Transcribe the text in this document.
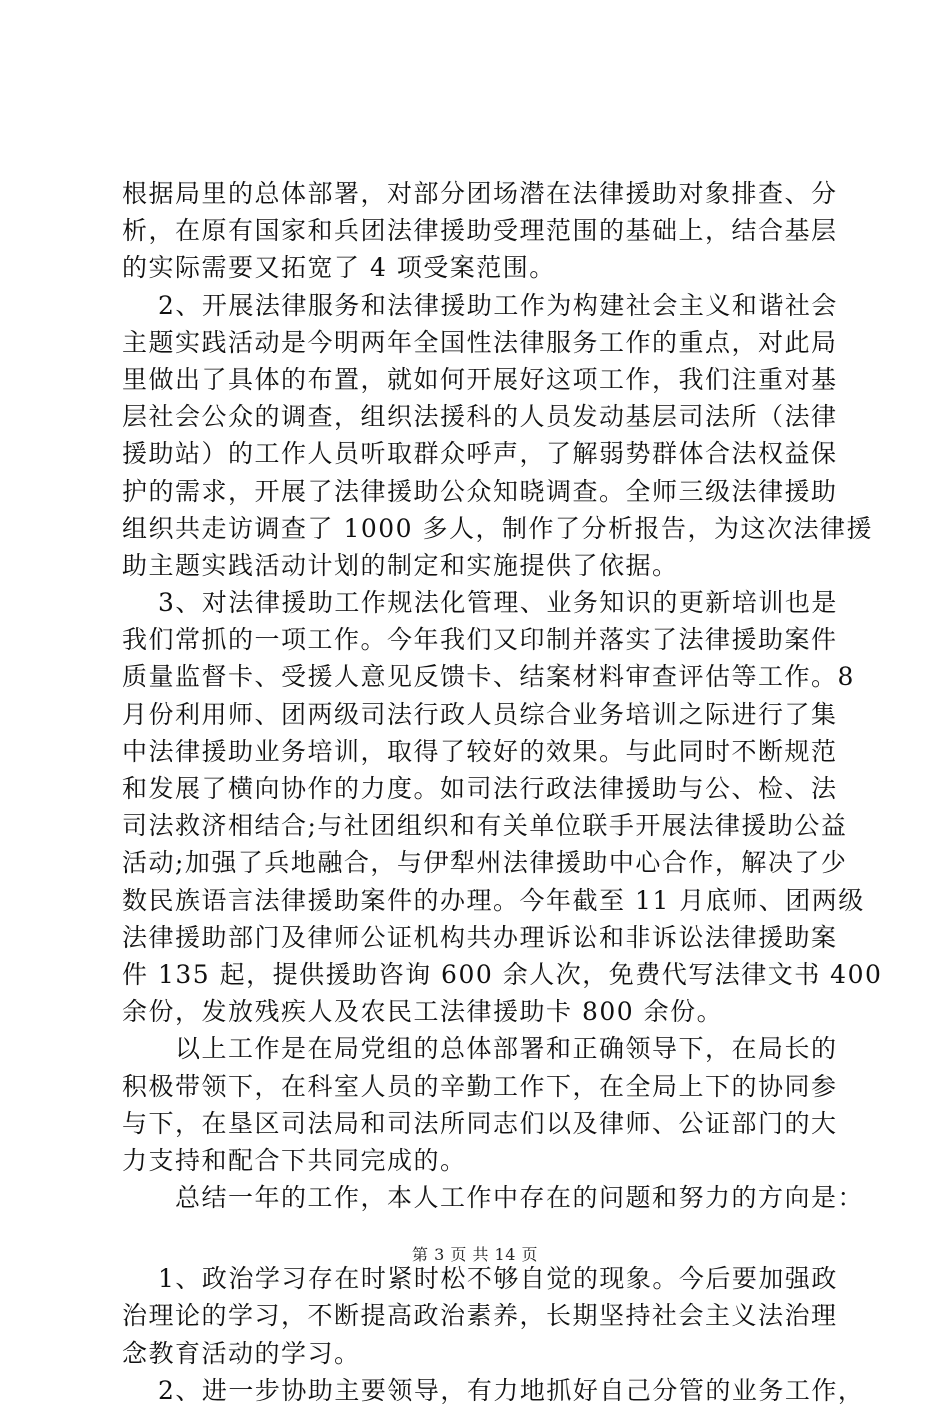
根据局里的总体部署，对部分团场潜在法律援助对象排查、分
析，在原有国家和兵团法律援助受理范围的基础上，结合基层
的实际需要又拓宽了 4 项受案范围。
　 2、开展法律服务和法律援助工作为构建社会主义和谐社会
主题实践活动是今明两年全国性法律服务工作的重点，对此局
里做出了具体的布置，就如何开展好这项工作，我们注重对基
层社会公众的调查，组织法援科的人员发动基层司法所（法律
援助站）的工作人员听取群众呼声，了解弱势群体合法权益保
护的需求，开展了法律援助公众知晓调查。全师三级法律援助
组织共走访调查了 1000 多人，制作了分析报告，为这次法律援
助主题实践活动计划的制定和实施提供了依据。
　 3、对法律援助工作规法化管理、业务知识的更新培训也是
我们常抓的一项工作。今年我们又印制并落实了法律援助案件
质量监督卡、受援人意见反馈卡、结案材料审查评估等工作。8
月份利用师、团两级司法行政人员综合业务培训之际进行了集
中法律援助业务培训，取得了较好的效果。与此同时不断规范
和发展了横向协作的力度。如司法行政法律援助与公、检、法
司法救济相结合;与社团组织和有关单位联手开展法律援助公益
活动;加强了兵地融合，与伊犁州法律援助中心合作，解决了少
数民族语言法律援助案件的办理。今年截至 11 月底师、团两级
法律援助部门及律师公证机构共办理诉讼和非诉讼法律援助案
件 135 起，提供援助咨询 600 余人次，免费代写法律文书 400
余份，发放残疾人及农民工法律援助卡 800 余份。
　　以上工作是在局党组的总体部署和正确领导下，在局长的
积极带领下，在科室人员的辛勤工作下，在全局上下的协同参
与下，在垦区司法局和司法所同志们以及律师、公证部门的大
力支持和配合下共同完成的。
　　总结一年的工作，本人工作中存在的问题和努力的方向是：
　 1、政治学习存在时紧时松不够自觉的现象。今后要加强政
治理论的学习，不断提高政治素养，长期坚持社会主义法治理
念教育活动的学习。
　 2、进一步协助主要领导，有力地抓好自己分管的业务工作，
第 3 页 共 14 页
